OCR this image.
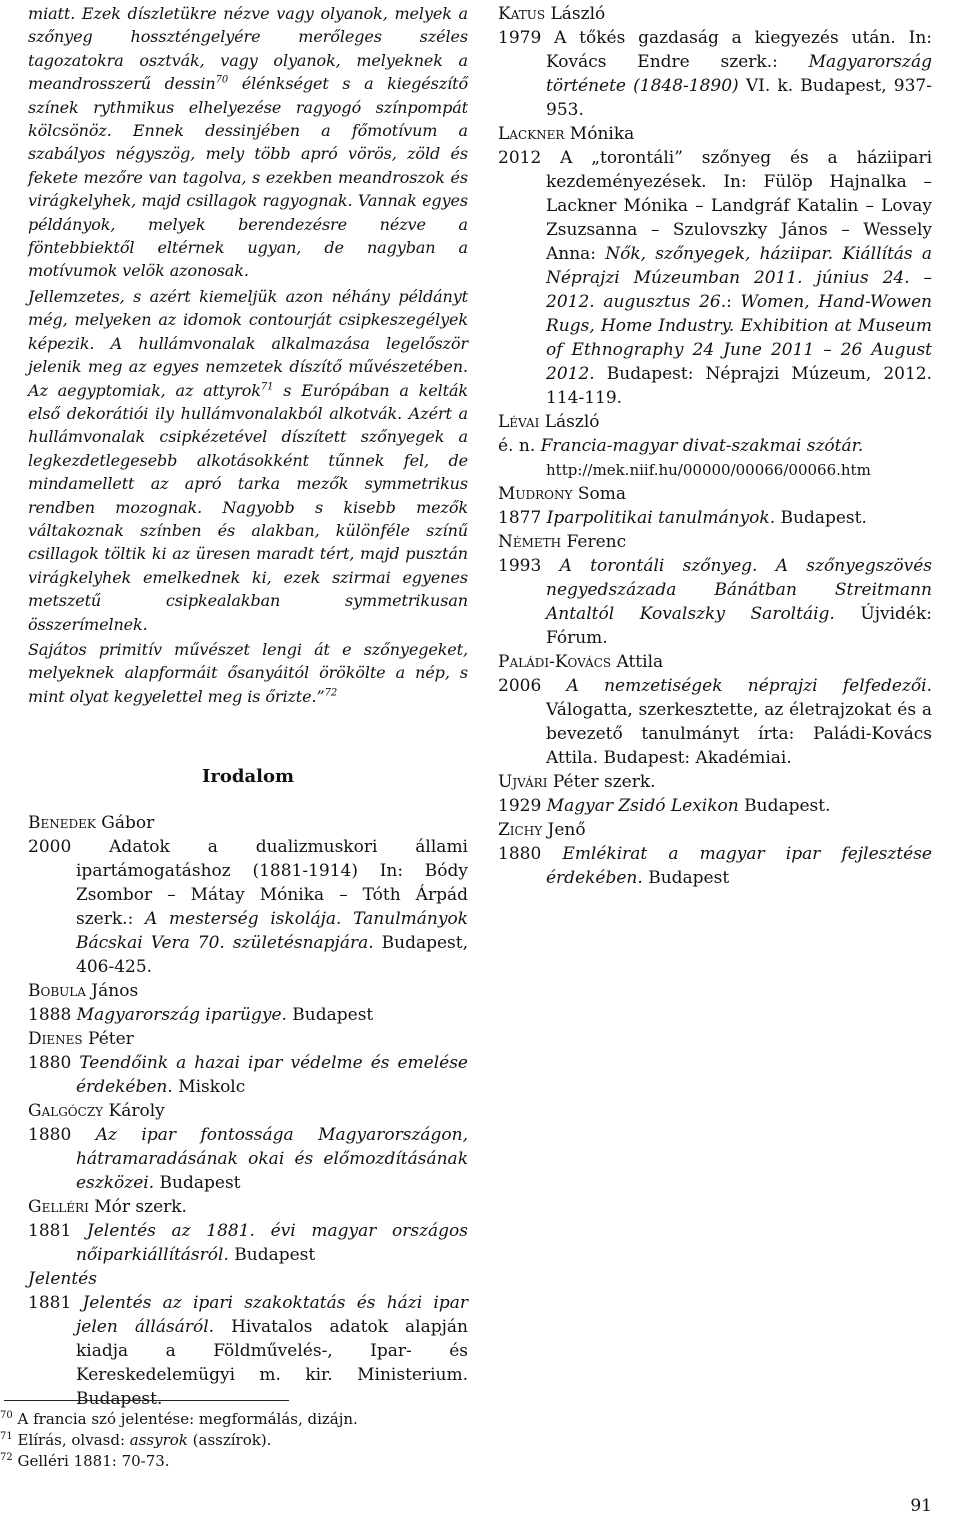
miatt. Ezek díszletükre nézve vagy olyanok, melyek a szőnyeg hosszténgelyére merőleges széles tagozatokra osztvák, vagy olyanok, melyeknek a meandrosszerű dessin$^{70}$ élénkséget s a kiegészítő színek rythmikus elhelyezése ragyogó színpompát kölcsönöz. Ennek dessinjében a főmotívum a szabályos négyszög, mely több apró vörös, zöld és fekete mezőre van tagolva, s ezekben meandroszok és virágkelyhek, majd csillagok ragyognak. Vannak egyes példányok, melyek berendezésre nézve a föntebbiektől eltérnek ugyan, de nagyban a motívumok velök azonosak.

Jellemzetes, s azért kiemeljük azon néhány példányt még, melyeken az idomok contourját csipkeszegélyek képezik. A hullámvonalak alkalmazása legelőször jelenik meg az egyes nemzetek díszítő művészetében. Az aegyptomiak, az attyrok$^{71}$ s Európában a kelták első dekorátiói ily hullámvonalakból alkotvák. Azért a hullámvonalak csipkézetével díszített szőnyegek a legkezdetlegesebb alkotásokként tűnnek fel, de mindamellett az apró tarka mezők symmetrikus rendben mozognak. Nagyobb s kisebb mezők váltakoznak színben és alakban, különféle színű csillagok töltik ki az üresen maradt tért, majd pusztán virágkelyhek emelkednek ki, ezek szirmai egyenes metszetű csipkealakban symmetrikusan összerímelnek.

Sajátos primitív művészet lengi át e szőnyegeket, melyeknek alapformáit ősanyáitól örökölte a nép, s mint olyat kegyelettel meg is őrizte.”$^{72}$

Irodalom

Benedek Gábor

2000 Adatok a dualizmuskori állami ipartámogatáshoz (1881-1914) In: Bódy Zsombor – Mátay Mónika – Tóth Árpád szerk.: A mesterség iskolája. Tanulmányok Bácskai Vera 70. születésnapjára. Budapest, 406-425.

Bobula János

1888 Magyarország iparügye. Budapest

Dienes Péter

1880 Teendőink a hazai ipar védelme és emelése érdekében. Miskolc

Galgóczy Károly

1880 Az ipar fontossága Magyarországon, hátramaradásának okai és előmozdításának eszközei. Budapest

Gelléri Mór szerk.

1881 Jelentés az 1881. évi magyar országos nőiparkiállításról. Budapest

Jelentés

1881 Jelentés az ipari szakoktatás és házi ipar jelen állásáról. Hivatalos adatok alapján kiadja a Földművelés-, Ipar- és Kereskedelemügyi m. kir. Ministerium. Budapest.

Katus László

1979 A tőkés gazdaság a kiegyezés után. In: Kovács Endre szerk.: Magyarország története (1848-1890) VI. k. Budapest, 937-953.

Lackner Mónika

2012 A „torontáli” szőnyeg és a háziipari kezdeményezések. In: Fülöp Hajnalka – Lackner Mónika – Landgráf Katalin – Lovay Zsuzsanna – Szulovszky János – Wessely Anna: Nők, szőnyegek, háziipar. Kiállítás a Néprajzi Múzeumban 2011. június 24. – 2012. augusztus 26.: Women, Hand-Wowen Rugs, Home Industry. Exhibition at Museum of Ethnography 24 June 2011 – 26 August 2012. Budapest: Néprajzi Múzeum, 2012. 114-119.

Lévai László

é. n. Francia-magyar divat-szakmai szótár.
http://mek.niif.hu/00000/00066/00066.htm

Mudrony Soma

1877 Iparpolitikai tanulmányok. Budapest.

Németh Ferenc

1993 A torontáli szőnyeg. A szőnyegszövés negyedszázada Bánátban Streitmann Antaltól Kovalszky Saroltáig. Újvidék: Fórum.

Paládi-Kovács Attila

2006 A nemzetiségek néprajzi felfedezői. Válogatta, szerkesztette, az életrajzokat és a bevezető tanulmányt írta: Paládi-Kovács Attila. Budapest: Akadémiai.

Ujvári Péter szerk.

1929 Magyar Zsidó Lexikon Budapest.

Zichy Jenő

1880 Emlékirat a magyar ipar fejlesztése érdekében. Budapest

$^{70}$ A francia szó jelentése: megformálás, dizájn.

$^{71}$ Elírás, olvasd: assyrok (asszírok).

$^{72}$ Gelléri 1881: 70-73.

91
